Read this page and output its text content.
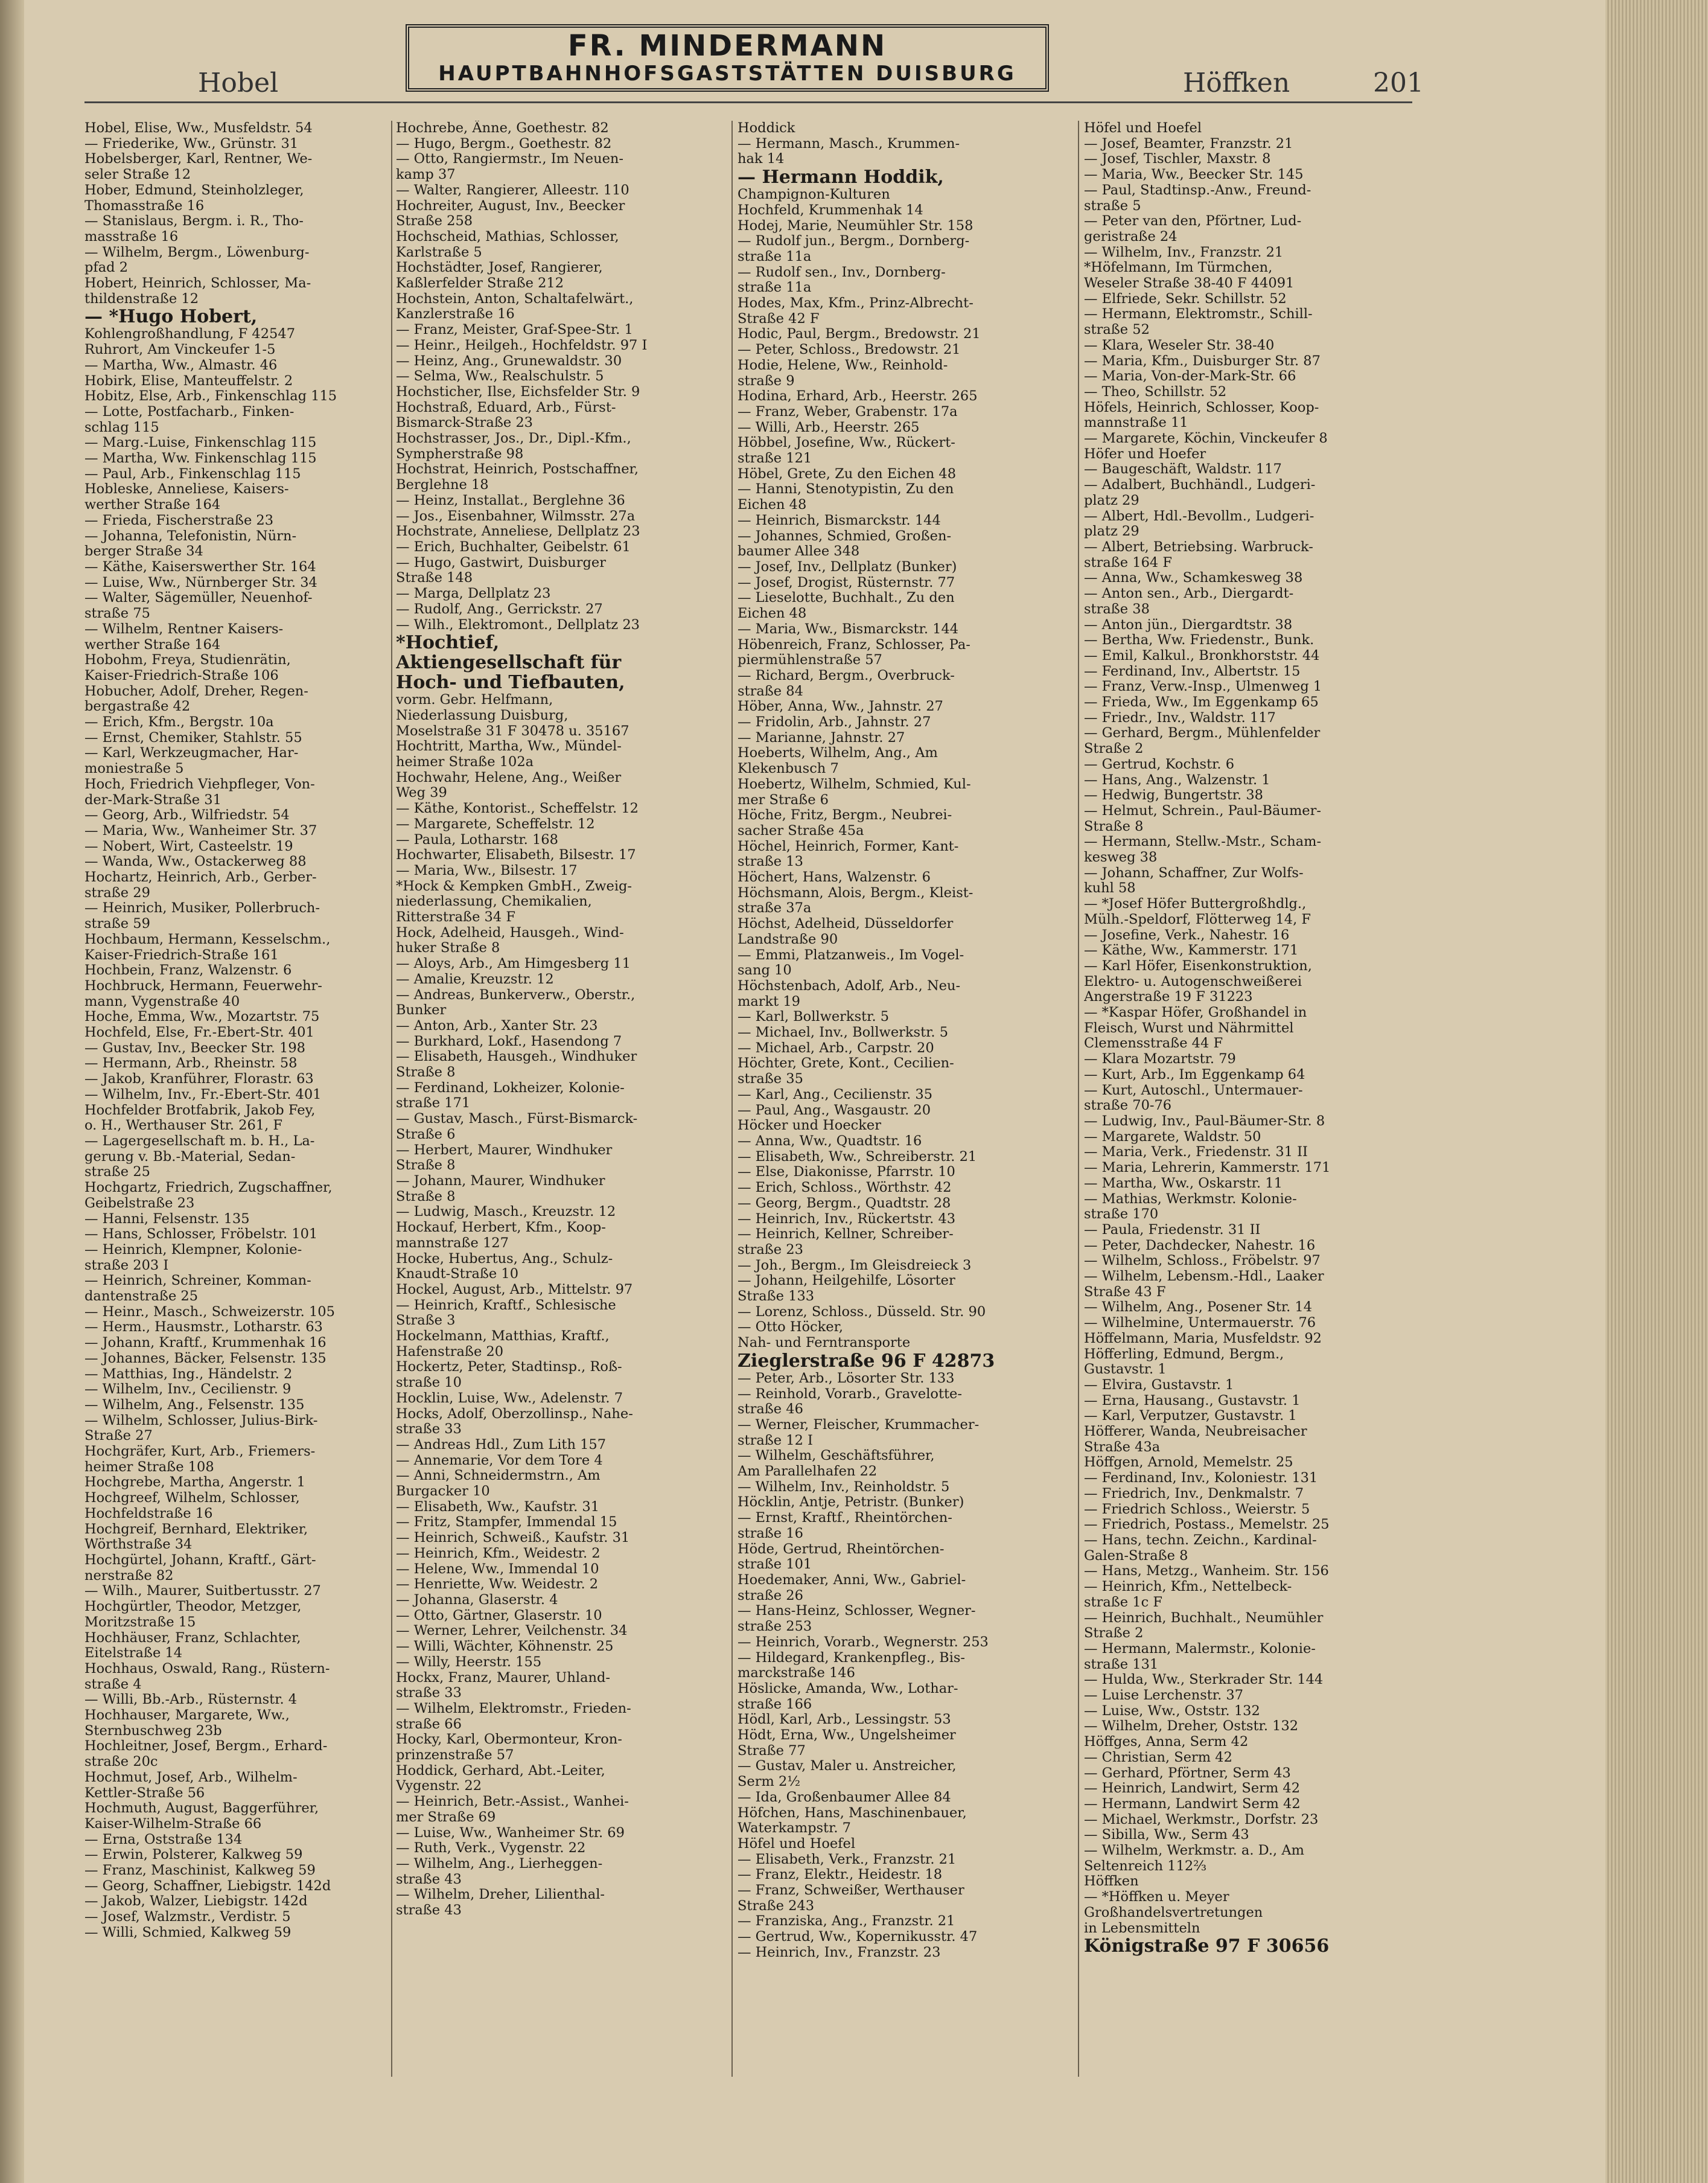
Hobel
FR. MINDERMANN
HAUPTBAHNHOFSGASTSTÄTTEN DUISBURG	Höffken	201
Hobel, Elise, Ww., Musfeldstr. 54
— Friederike, Ww., Grünstr. 31
Hobelsberger, Karl, Rentner, We-
seler Straße 12
Hober, Edmund, Steinholzleger,
Thomasstraße 16
— Stanislaus, Bergm. i. R., Tho-
masstraße 16
— Wilhelm, Bergm., Löwenburg-
pfad 2
Hobert, Heinrich, Schlosser, Ma-
thildenstraße 12
— *Hugo Hobert,
Kohlengroßhandlung, F 42547
Ruhrort, Am Vinckeufer 1-5
— Martha, Ww., Almastr. 46
Hobirk, Elise, Manteuffelstr. 2
Hobitz, Else, Arb., Finkenschlag 115
— Lotte, Postfacharb., Finken-
schlag 115
— Marg.-Luise, Finkenschlag 115
— Martha, Ww. Finkenschlag 115
— Paul, Arb., Finkenschlag 115
Hobleske, Anneliese, Kaisers-
werther Straße 164
— Frieda, Fischerstraße 23
— Johanna, Telefonistin, Nürn-
berger Straße 34
— Käthe, Kaiserswerther Str. 164
— Luise, Ww., Nürnberger Str. 34
— Walter, Sägemüller, Neuenhof-
straße 75
— Wilhelm, Rentner Kaisers-
werther Straße 164
Hobohm, Freya, Studienrätin,
Kaiser-Friedrich-Straße 106
Hobucher, Adolf, Dreher, Regen-
bergastraße 42
— Erich, Kfm., Bergstr. 10a
— Ernst, Chemiker, Stahlstr. 55
— Karl, Werkzeugmacher, Har-
moniestraße 5
Hoch, Friedrich Viehpfleger, Von-
der-Mark-Straße 31
— Georg, Arb., Wilfriedstr. 54
— Maria, Ww., Wanheimer Str. 37
— Nobert, Wirt, Casteelstr. 19
— Wanda, Ww., Ostackerweg 88
Hochartz, Heinrich, Arb., Gerber-
straße 29
— Heinrich, Musiker, Pollerbruch-
straße 59
Hochbaum, Hermann, Kesselschm.,
Kaiser-Friedrich-Straße 161
Hochbein, Franz, Walzenstr. 6
Hochbruck, Hermann, Feuerwehr-
mann, Vygenstraße 40
Hoche, Emma, Ww., Mozartstr. 75
Hochfeld, Else, Fr.-Ebert-Str. 401
— Gustav, Inv., Beecker Str. 198
— Hermann, Arb., Rheinstr. 58
— Jakob, Kranführer, Florastr. 63
— Wilhelm, Inv., Fr.-Ebert-Str. 401
Hochfelder Brotfabrik, Jakob Fey,
o. H., Werthauser Str. 261, F
— Lagergesellschaft m. b. H., La-
gerung v. Bb.-Material, Sedan-
straße 25
Hochgartz, Friedrich, Zugschaffner,
Geibelstraße 23
— Hanni, Felsenstr. 135
— Hans, Schlosser, Fröbelstr. 101
— Heinrich, Klempner, Kolonie-
straße 203 I
— Heinrich, Schreiner, Komman-
dantenstraße 25
— Heinr., Masch., Schweizerstr. 105
— Herm., Hausmstr., Lotharstr. 63
— Johann, Kraftf., Krummenhak 16
— Johannes, Bäcker, Felsenstr. 135
— Matthias, Ing., Händelstr. 2
— Wilhelm, Inv., Cecilienstr. 9
— Wilhelm, Ang., Felsenstr. 135
— Wilhelm, Schlosser, Julius-Birk-
Straße 27
Hochgräfer, Kurt, Arb., Friemers-
heimer Straße 108
Hochgrebe, Martha, Angerstr. 1
Hochgreef, Wilhelm, Schlosser,
Hochfeldstraße 16
Hochgreif, Bernhard, Elektriker,
Wörthstraße 34
Hochgürtel, Johann, Kraftf., Gärt-
nerstraße 82
— Wilh., Maurer, Suitbertusstr. 27
Hochgürtler, Theodor, Metzger,
Moritzstraße 15
Hochhäuser, Franz, Schlachter,
Eitelstraße 14
Hochhaus, Oswald, Rang., Rüstern-
straße 4
— Willi, Bb.-Arb., Rüsternstr. 4
Hochhauser, Margarete, Ww.,
Sternbuschweg 23b
Hochleitner, Josef, Bergm., Erhard-
straße 20c
Hochmut, Josef, Arb., Wilhelm-
Kettler-Straße 56
Hochmuth, August, Baggerführer,
Kaiser-Wilhelm-Straße 66
— Erna, Oststraße 134
— Erwin, Polsterer, Kalkweg 59
— Franz, Maschinist, Kalkweg 59
— Georg, Schaffner, Liebigstr. 142d
— Jakob, Walzer, Liebigstr. 142d
— Josef, Walzmstr., Verdistr. 5
— Willi, Schmied, Kalkweg 59
Hochrebe, Änne, Goethestr. 82
— Hugo, Bergm., Goethestr. 82
— Otto, Rangiermstr., Im Neuen-
kamp 37
— Walter, Rangierer, Alleestr. 110
Hochreiter, August, Inv., Beecker
Straße 258
Hochscheid, Mathias, Schlosser,
Karlstraße 5
Hochstädter, Josef, Rangierer,
Kaßlerfelder Straße 212
Hochstein, Anton, Schaltafelwärt.,
Kanzlerstraße 16
— Franz, Meister, Graf-Spee-Str. 1
— Heinr., Heilgeh., Hochfeldstr. 97 I
— Heinz, Ang., Grunewaldstr. 30
— Selma, Ww., Realschulstr. 5
Hochsticher, Ilse, Eichsfelder Str. 9
Hochstraß, Eduard, Arb., Fürst-
Bismarck-Straße 23
Hochstrasser, Jos., Dr., Dipl.-Kfm.,
Sympherstraße 98
Hochstrat, Heinrich, Postschaffner,
Berglehne 18
— Heinz, Installat., Berglehne 36
— Jos., Eisenbahner, Wilmsstr. 27a
Hochstrate, Anneliese, Dellplatz 23
— Erich, Buchhalter, Geibelstr. 61
— Hugo, Gastwirt, Duisburger
Straße 148
— Marga, Dellplatz 23
— Rudolf, Ang., Gerrickstr. 27
— Wilh., Elektromont., Dellplatz 23
*Hochtief,
Aktiengesellschaft für
Hoch- und Tiefbauten,
vorm. Gebr. Helfmann,
Niederlassung Duisburg,
Moselstraße 31 F 30478 u. 35167
Hochtritt, Martha, Ww., Mündel-
heimer Straße 102a
Hochwahr, Helene, Ang., Weißer
Weg 39
— Käthe, Kontorist., Scheffelstr. 12
— Margarete, Scheffelstr. 12
— Paula, Lotharstr. 168
Hochwarter, Elisabeth, Bilsestr. 17
— Maria, Ww., Bilsestr. 17
*Hock & Kempken GmbH., Zweig-
niederlassung, Chemikalien,
Ritterstraße 34 F
Hock, Adelheid, Hausgeh., Wind-
huker Straße 8
— Aloys, Arb., Am Himgesberg 11
— Amalie, Kreuzstr. 12
— Andreas, Bunkerverw., Oberstr.,
Bunker
— Anton, Arb., Xanter Str. 23
— Burkhard, Lokf., Hasendong 7
— Elisabeth, Hausgeh., Windhuker
Straße 8
— Ferdinand, Lokheizer, Kolonie-
straße 171
— Gustav, Masch., Fürst-Bismarck-
Straße 6
— Herbert, Maurer, Windhuker
Straße 8
— Johann, Maurer, Windhuker
Straße 8
— Ludwig, Masch., Kreuzstr. 12
Hockauf, Herbert, Kfm., Koop-
mannstraße 127
Hocke, Hubertus, Ang., Schulz-
Knaudt-Straße 10
Hockel, August, Arb., Mittelstr. 97
— Heinrich, Kraftf., Schlesische
Straße 3
Hockelmann, Matthias, Kraftf.,
Hafenstraße 20
Hockertz, Peter, Stadtinsp., Roß-
straße 10
Hocklin, Luise, Ww., Adelenstr. 7
Hocks, Adolf, Oberzollinsp., Nahe-
straße 33
— Andreas Hdl., Zum Lith 157
— Annemarie, Vor dem Tore 4
— Anni, Schneidermstrn., Am
Burgacker 10
— Elisabeth, Ww., Kaufstr. 31
— Fritz, Stampfer, Immendal 15
— Heinrich, Schweiß., Kaufstr. 31
— Heinrich, Kfm., Weidestr. 2
— Helene, Ww., Immendal 10
— Henriette, Ww. Weidestr. 2
— Johanna, Glaserstr. 4
— Otto, Gärtner, Glaserstr. 10
— Werner, Lehrer, Veilchenstr. 34
— Willi, Wächter, Köhnenstr. 25
— Willy, Heerstr. 155
Hockx, Franz, Maurer, Uhland-
straße 33
— Wilhelm, Elektromstr., Frieden-
straße 66
Hocky, Karl, Obermonteur, Kron-
prinzenstraße 57
Hoddick, Gerhard, Abt.-Leiter,
Vygenstr. 22
— Heinrich, Betr.-Assist., Wanhei-
mer Straße 69
— Luise, Ww., Wanheimer Str. 69
— Ruth, Verk., Vygenstr. 22
— Wilhelm, Ang., Lierheggen-
straße 43
— Wilhelm, Dreher, Lilienthal-
straße 43
Hoddick
— Hermann, Masch., Krummen-
hak 14
— Hermann Hoddik,
Champignon-Kulturen
Hochfeld, Krummenhak 14
Hodej, Marie, Neumühler Str. 158
— Rudolf jun., Bergm., Dornberg-
straße 11a
— Rudolf sen., Inv., Dornberg-
straße 11a
Hodes, Max, Kfm., Prinz-Albrecht-
Straße 42 F
Hodic, Paul, Bergm., Bredowstr. 21
— Peter, Schloss., Bredowstr. 21
Hodie, Helene, Ww., Reinhold-
straße 9
Hodina, Erhard, Arb., Heerstr. 265
— Franz, Weber, Grabenstr. 17a
— Willi, Arb., Heerstr. 265
Höbbel, Josefine, Ww., Rückert-
straße 121
Höbel, Grete, Zu den Eichen 48
— Hanni, Stenotypistin, Zu den
Eichen 48
— Heinrich, Bismarckstr. 144
— Johannes, Schmied, Großen-
baumer Allee 348
— Josef, Inv., Dellplatz (Bunker)
— Josef, Drogist, Rüsternstr. 77
— Lieselotte, Buchhalt., Zu den
Eichen 48
— Maria, Ww., Bismarckstr. 144
Höbenreich, Franz, Schlosser, Pa-
piermühlenstraße 57
— Richard, Bergm., Overbruck-
straße 84
Höber, Anna, Ww., Jahnstr. 27
— Fridolin, Arb., Jahnstr. 27
— Marianne, Jahnstr. 27
Hoeberts, Wilhelm, Ang., Am
Klekenbusch 7
Hoebertz, Wilhelm, Schmied, Kul-
mer Straße 6
Höche, Fritz, Bergm., Neubrei-
sacher Straße 45a
Höchel, Heinrich, Former, Kant-
straße 13
Höchert, Hans, Walzenstr. 6
Höchsmann, Alois, Bergm., Kleist-
straße 37a
Höchst, Adelheid, Düsseldorfer
Landstraße 90
— Emmi, Platzanweis., Im Vogel-
sang 10
Höchstenbach, Adolf, Arb., Neu-
markt 19
— Karl, Bollwerkstr. 5
— Michael, Inv., Bollwerkstr. 5
— Michael, Arb., Carpstr. 20
Höchter, Grete, Kont., Cecilien-
straße 35
— Karl, Ang., Cecilienstr. 35
— Paul, Ang., Wasgaustr. 20
Höcker und Hoecker
— Anna, Ww., Quadtstr. 16
— Elisabeth, Ww., Schreiberstr. 21
— Else, Diakonisse, Pfarrstr. 10
— Erich, Schloss., Wörthstr. 42
— Georg, Bergm., Quadtstr. 28
— Heinrich, Inv., Rückertstr. 43
— Heinrich, Kellner, Schreiber-
straße 23
— Joh., Bergm., Im Gleisdreieck 3
— Johann, Heilgehilfe, Lösorter
Straße 133
— Lorenz, Schloss., Düsseld. Str. 90
— Otto Höcker,
Nah- und Ferntransporte
Zieglerstraße 96 F 42873
— Peter, Arb., Lösorter Str. 133
— Reinhold, Vorarb., Gravelotte-
straße 46
— Werner, Fleischer, Krummacher-
straße 12 I
— Wilhelm, Geschäftsführer,
Am Parallelhafen 22
— Wilhelm, Inv., Reinholdstr. 5
Höcklin, Antje, Petristr. (Bunker)
— Ernst, Kraftf., Rheintörchen-
straße 16
Höde, Gertrud, Rheintörchen-
straße 101
Hoedemaker, Anni, Ww., Gabriel-
straße 26
— Hans-Heinz, Schlosser, Wegner-
straße 253
— Heinrich, Vorarb., Wegnerstr. 253
— Hildegard, Krankenpfleg., Bis-
marckstraße 146
Höslicke, Amanda, Ww., Lothar-
straße 166
Hödl, Karl, Arb., Lessingstr. 53
Hödt, Erna, Ww., Ungelsheimer
Straße 77
— Gustav, Maler u. Anstreicher,
Serm 2½
— Ida, Großenbaumer Allee 84
Höfchen, Hans, Maschinenbauer,
Waterkampstr. 7
Höfel und Hoefel
— Elisabeth, Verk., Franzstr. 21
— Franz, Elektr., Heidestr. 18
— Franz, Schweißer, Werthauser
Straße 243
— Franziska, Ang., Franzstr. 21
— Gertrud, Ww., Kopernikusstr. 47
— Heinrich, Inv., Franzstr. 23
Höfel und Hoefel
— Josef, Beamter, Franzstr. 21
— Josef, Tischler, Maxstr. 8
— Maria, Ww., Beecker Str. 145
— Paul, Stadtinsp.-Anw., Freund-
straße 5
— Peter van den, Pförtner, Lud-
geristraße 24
— Wilhelm, Inv., Franzstr. 21
*Höfelmann, Im Türmchen,
Weseler Straße 38-40 F 44091
— Elfriede, Sekr. Schillstr. 52
— Hermann, Elektromstr., Schill-
straße 52
— Klara, Weseler Str. 38-40
— Maria, Kfm., Duisburger Str. 87
— Maria, Von-der-Mark-Str. 66
— Theo, Schillstr. 52
Höfels, Heinrich, Schlosser, Koop-
mannstraße 11
— Margarete, Köchin, Vinckeufer 8
Höfer und Hoefer
— Baugeschäft, Waldstr. 117
— Adalbert, Buchhändl., Ludgeri-
platz 29
— Albert, Hdl.-Bevollm., Ludgeri-
platz 29
— Albert, Betriebsing. Warbruck-
straße 164 F
— Anna, Ww., Schamkesweg 38
— Anton sen., Arb., Diergardt-
straße 38
— Anton jün., Diergardtstr. 38
— Bertha, Ww. Friedenstr., Bunk.
— Emil, Kalkul., Bronkhorststr. 44
— Ferdinand, Inv., Albertstr. 15
— Franz, Verw.-Insp., Ulmenweg 1
— Frieda, Ww., Im Eggenkamp 65
— Friedr., Inv., Waldstr. 117
— Gerhard, Bergm., Mühlenfelder
Straße 2
— Gertrud, Kochstr. 6
— Hans, Ang., Walzenstr. 1
— Hedwig, Bungertstr. 38
— Helmut, Schrein., Paul-Bäumer-
Straße 8
— Hermann, Stellw.-Mstr., Scham-
kesweg 38
— Johann, Schaffner, Zur Wolfs-
kuhl 58
— *Josef Höfer Buttergroßhdlg.,
Mülh.-Speldorf, Flötterweg 14, F
— Josefine, Verk., Nahestr. 16
— Käthe, Ww., Kammerstr. 171
— Karl Höfer, Eisenkonstruktion,
Elektro- u. Autogenschweißerei
Angerstraße 19 F 31223
— *Kaspar Höfer, Großhandel in
Fleisch, Wurst und Nährmittel
Clemensstraße 44 F
— Klara Mozartstr. 79
— Kurt, Arb., Im Eggenkamp 64
— Kurt, Autoschl., Untermauer-
straße 70-76
— Ludwig, Inv., Paul-Bäumer-Str. 8
— Margarete, Waldstr. 50
— Maria, Verk., Friedenstr. 31 II
— Maria, Lehrerin, Kammerstr. 171
— Martha, Ww., Oskarstr. 11
— Mathias, Werkmstr. Kolonie-
straße 170
— Paula, Friedenstr. 31 II
— Peter, Dachdecker, Nahestr. 16
— Wilhelm, Schloss., Fröbelstr. 97
— Wilhelm, Lebensm.-Hdl., Laaker
Straße 43 F
— Wilhelm, Ang., Posener Str. 14
— Wilhelmine, Untermauerstr. 76
Höffelmann, Maria, Musfeldstr. 92
Höfferling, Edmund, Bergm.,
Gustavstr. 1
— Elvira, Gustavstr. 1
— Erna, Hausang., Gustavstr. 1
— Karl, Verputzer, Gustavstr. 1
Höfferer, Wanda, Neubreisacher
Straße 43a
Höffgen, Arnold, Memelstr. 25
— Ferdinand, Inv., Koloniestr. 131
— Friedrich, Inv., Denkmalstr. 7
— Friedrich Schloss., Weierstr. 5
— Friedrich, Postass., Memelstr. 25
— Hans, techn. Zeichn., Kardinal-
Galen-Straße 8
— Hans, Metzg., Wanheim. Str. 156
— Heinrich, Kfm., Nettelbeck-
straße 1c F
— Heinrich, Buchhalt., Neumühler
Straße 2
— Hermann, Malermstr., Kolonie-
straße 131
— Hulda, Ww., Sterkrader Str. 144
— Luise Lerchenstr. 37
— Luise, Ww., Oststr. 132
— Wilhelm, Dreher, Oststr. 132
Höffges, Anna, Serm 42
— Christian, Serm 42
— Gerhard, Pförtner, Serm 43
— Heinrich, Landwirt, Serm 42
— Hermann, Landwirt Serm 42
— Michael, Werkmstr., Dorfstr. 23
— Sibilla, Ww., Serm 43
— Wilhelm, Werkmstr. a. D., Am
Seltenreich 112⅔
Höffken
— *Höffken u. Meyer
Großhandelsvertretungen
in Lebensmitteln
Königstraße 97 F 30656
